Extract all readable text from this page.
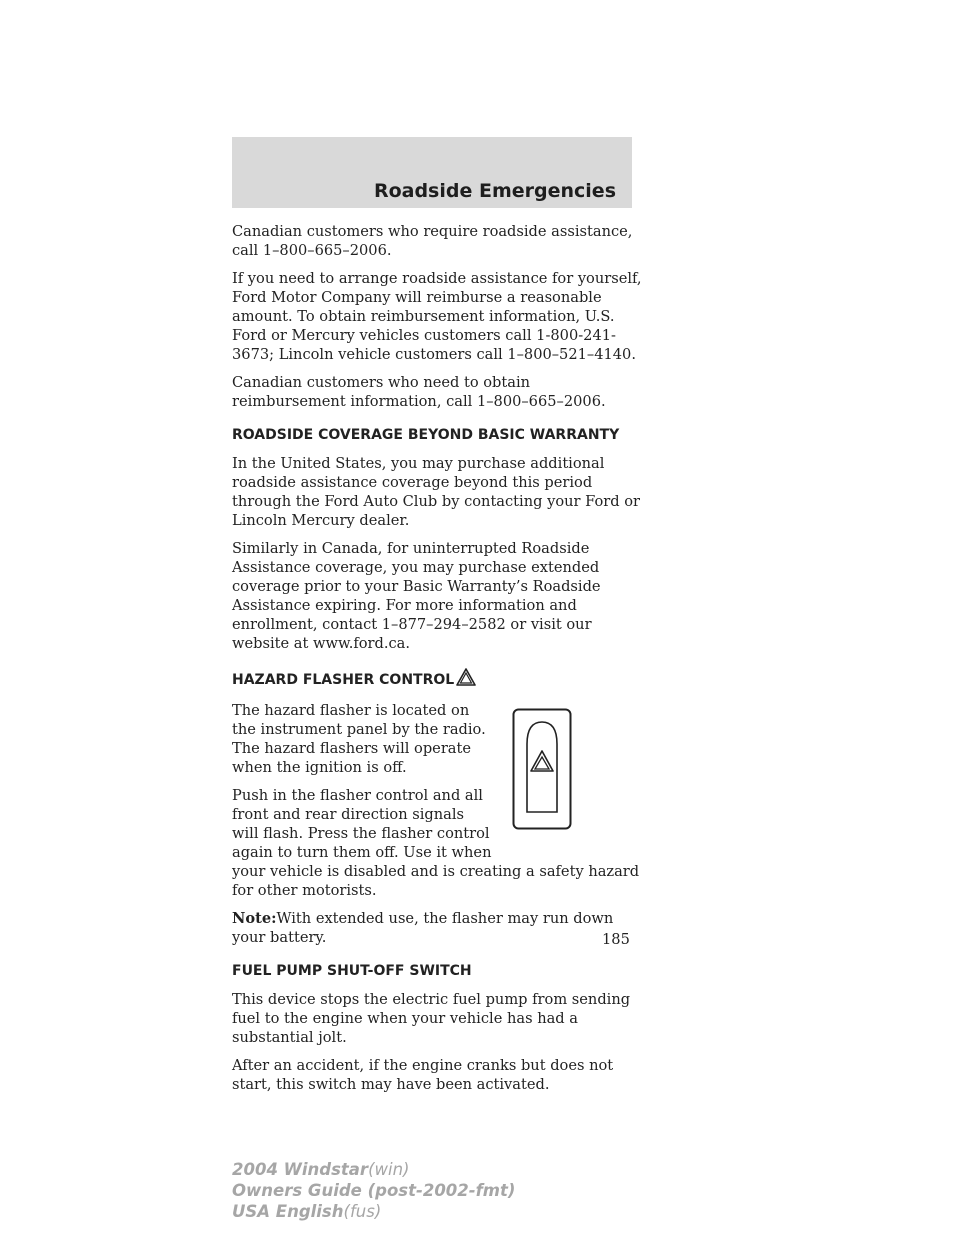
Roadside Emergencies

Canadian customers who require roadside assistance, call 1–800–665–2006.

If you need to arrange roadside assistance for yourself, Ford Motor Company will reimburse a reasonable amount. To obtain reimbursement information, U.S. Ford or Mercury vehicles customers call 1-800-241-3673; Lincoln vehicle customers call 1–800–521–4140.

Canadian customers who need to obtain reimbursement information, call 1–800–665–2006.

ROADSIDE COVERAGE BEYOND BASIC WARRANTY

In the United States, you may purchase additional roadside assistance coverage beyond this period through the Ford Auto Club by contacting your Ford or Lincoln Mercury dealer.

Similarly in Canada, for uninterrupted Roadside Assistance coverage, you may purchase extended coverage prior to your Basic Warranty’s Roadside Assistance expiring. For more information and enrollment, contact 1–877–294–2582 or visit our website at www.ford.ca.

HAZARD FLASHER CONTROL

The hazard flasher is located on the instrument panel by the radio. The hazard flashers will operate when the ignition is off.

Push in the flasher control and all front and rear direction signals will flash. Press the flasher control again to turn them off. Use it when your vehicle is disabled and is creating a safety hazard for other motorists.

Note:With extended use, the flasher may run down your battery.

FUEL PUMP SHUT-OFF SWITCH

This device stops the electric fuel pump from sending fuel to the engine when your vehicle has had a substantial jolt.

After an accident, if the engine cranks but does not start, this switch may have been activated.

185
2004 Windstar(win)
Owners Guide (post-2002-fmt)
USA English(fus)
